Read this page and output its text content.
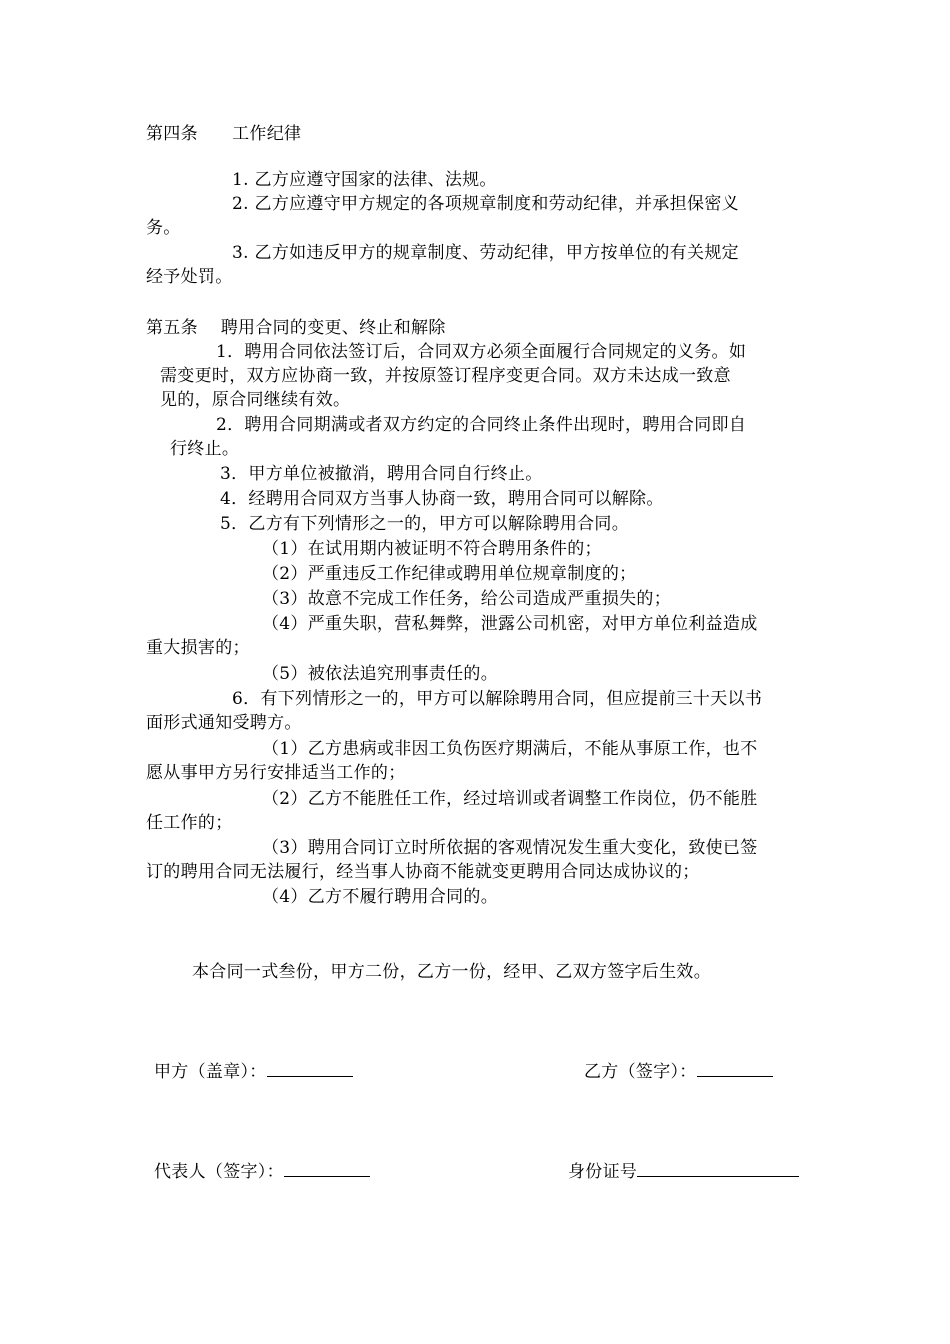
第四条      工作纪律
1. 乙方应遵守国家的法律、法规。
2. 乙方应遵守甲方规定的各项规章制度和劳动纪律，并承担保密义
务。
3. 乙方如违反甲方的规章制度、劳动纪律，甲方按单位的有关规定
经予处罚。
第五条    聘用合同的变更、终止和解除
1．聘用合同依法签订后，合同双方必须全面履行合同规定的义务。如
需变更时，双方应协商一致，并按原签订程序变更合同。双方未达成一致意
见的，原合同继续有效。
2．聘用合同期满或者双方约定的合同终止条件出现时，聘用合同即自
行终止。
3．甲方单位被撤消，聘用合同自行终止。
4．经聘用合同双方当事人协商一致，聘用合同可以解除。
5．乙方有下列情形之一的，甲方可以解除聘用合同。
（1）在试用期内被证明不符合聘用条件的；
（2）严重违反工作纪律或聘用单位规章制度的；
（3）故意不完成工作任务，给公司造成严重损失的；
（4）严重失职，营私舞弊，泄露公司机密，对甲方单位利益造成
重大损害的；
（5）被依法追究刑事责任的。
6．有下列情形之一的，甲方可以解除聘用合同，但应提前三十天以书
面形式通知受聘方。
（1）乙方患病或非因工负伤医疗期满后，不能从事原工作，也不
愿从事甲方另行安排适当工作的；
（2）乙方不能胜任工作，经过培训或者调整工作岗位，仍不能胜
任工作的；
（3）聘用合同订立时所依据的客观情况发生重大变化，致使已签
订的聘用合同无法履行，经当事人协商不能就变更聘用合同达成协议的；
（4）乙方不履行聘用合同的。
本合同一式叁份，甲方二份，乙方一份，经甲、乙双方签字后生效。
甲方（盖章）：	乙方（签字）：
代表人（签字）：	身份证号
